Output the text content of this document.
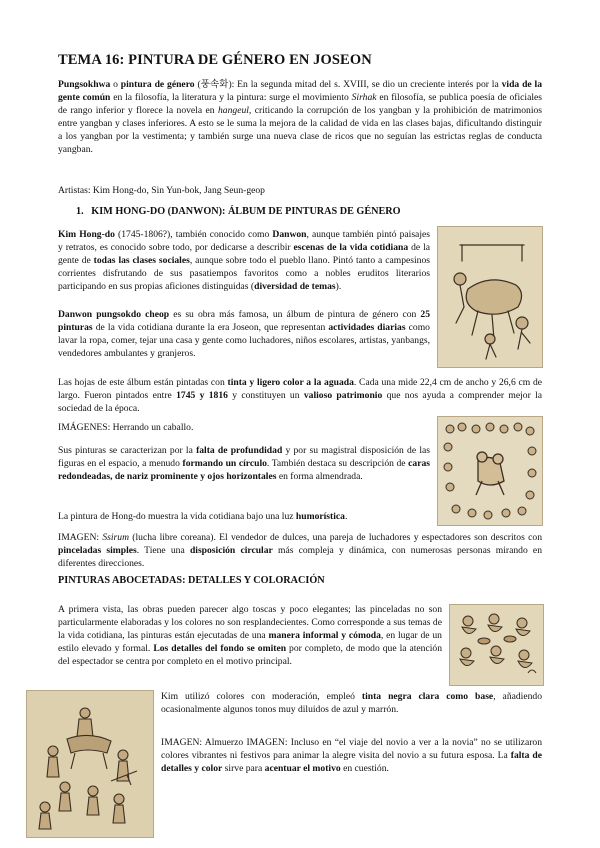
TEMA 16: PINTURA DE GÉNERO EN JOSEON

Pungsokhwa o pintura de género (풍속화): En la segunda mitad del s. XVIII, se dio un creciente interés por la vida de la gente común en la filosofía, la literatura y la pintura: surge el movimiento Sirhak en filosofía, se publica poesía de oficiales de rango inferior y florece la novela en hangeul, criticando la corrupción de los yangban y la prohibición de matrimonios entre yangban y clases inferiores. A esto se le suma la mejora de la calidad de vida en las clases bajas, dificultando distinguir a los yangban por la vestimenta; y también surge una nueva clase de ricos que no seguían las estrictas reglas de conducta yangban.

Artistas: Kim Hong-do, Sin Yun-bok, Jang Seun-geop

1. KIM HONG-DO (DANWON): ÁLBUM DE PINTURAS DE GÉNERO

Kim Hong-do (1745-1806?), también conocido como Danwon, aunque también pintó paisajes y retratos, es conocido sobre todo, por dedicarse a describir escenas de la vida cotidiana de la gente de todas las clases sociales, aunque sobre todo el pueblo llano. Pintó tanto a campesinos corrientes disfrutando de sus pasatiempos favoritos como a nobles eruditos literarios participando en sus propias aficiones distinguidas (diversidad de temas).

Danwon pungsokdo cheop es su obra más famosa, un álbum de pintura de género con 25 pinturas de la vida cotidiana durante la era Joseon, que representan actividades diarias como lavar la ropa, comer, tejar una casa y gente como luchadores, niños escolares, artistas, yanbangs, vendedores ambulantes y granjeros.

Las hojas de este álbum están pintadas con tinta y ligero color a la aguada. Cada una mide 22,4 cm de ancho y 26,6 cm de largo. Fueron pintados entre 1745 y 1816 y constituyen un valioso patrimonio que nos ayuda a comprender mejor la sociedad de la época.

IMÁGENES: Herrando un caballo.

Sus pinturas se caracterizan por la falta de profundidad y por su magistral disposición de las figuras en el espacio, a menudo formando un círculo. También destaca su descripción de caras redondeadas, de nariz prominente y ojos horizontales en forma almendrada.

La pintura de Hong-do muestra la vida cotidiana bajo una luz humorística.

IMAGEN: Ssirum (lucha libre coreana). El vendedor de dulces, una pareja de luchadores y espectadores son descritos con pinceladas simples. Tiene una disposición circular más compleja y dinámica, con numerosas personas mirando en diferentes direcciones.

PINTURAS ABOCETADAS: DETALLES Y COLORACIÓN

A primera vista, las obras pueden parecer algo toscas y poco elegantes; las pinceladas no son particularmente elaboradas y los colores no son resplandecientes. Como corresponde a sus temas de la vida cotidiana, las pinturas están ejecutadas de una manera informal y cómoda, en lugar de un estilo elevado y formal. Los detalles del fondo se omiten por completo, de modo que la atención del espectador se centra por completo en el motivo principal.

Kim utilizó colores con moderación, empleó tinta negra clara como base, añadiendo ocasionalmente algunos tonos muy diluidos de azul y marrón.

IMAGEN: Almuerzo IMAGEN: Incluso en “el viaje del novio a ver a la novia” no se utilizaron colores vibrantes ni festivos para animar la alegre visita del novio a su futura esposa. La falta de detalles y color sirve para acentuar el motivo en cuestión.
